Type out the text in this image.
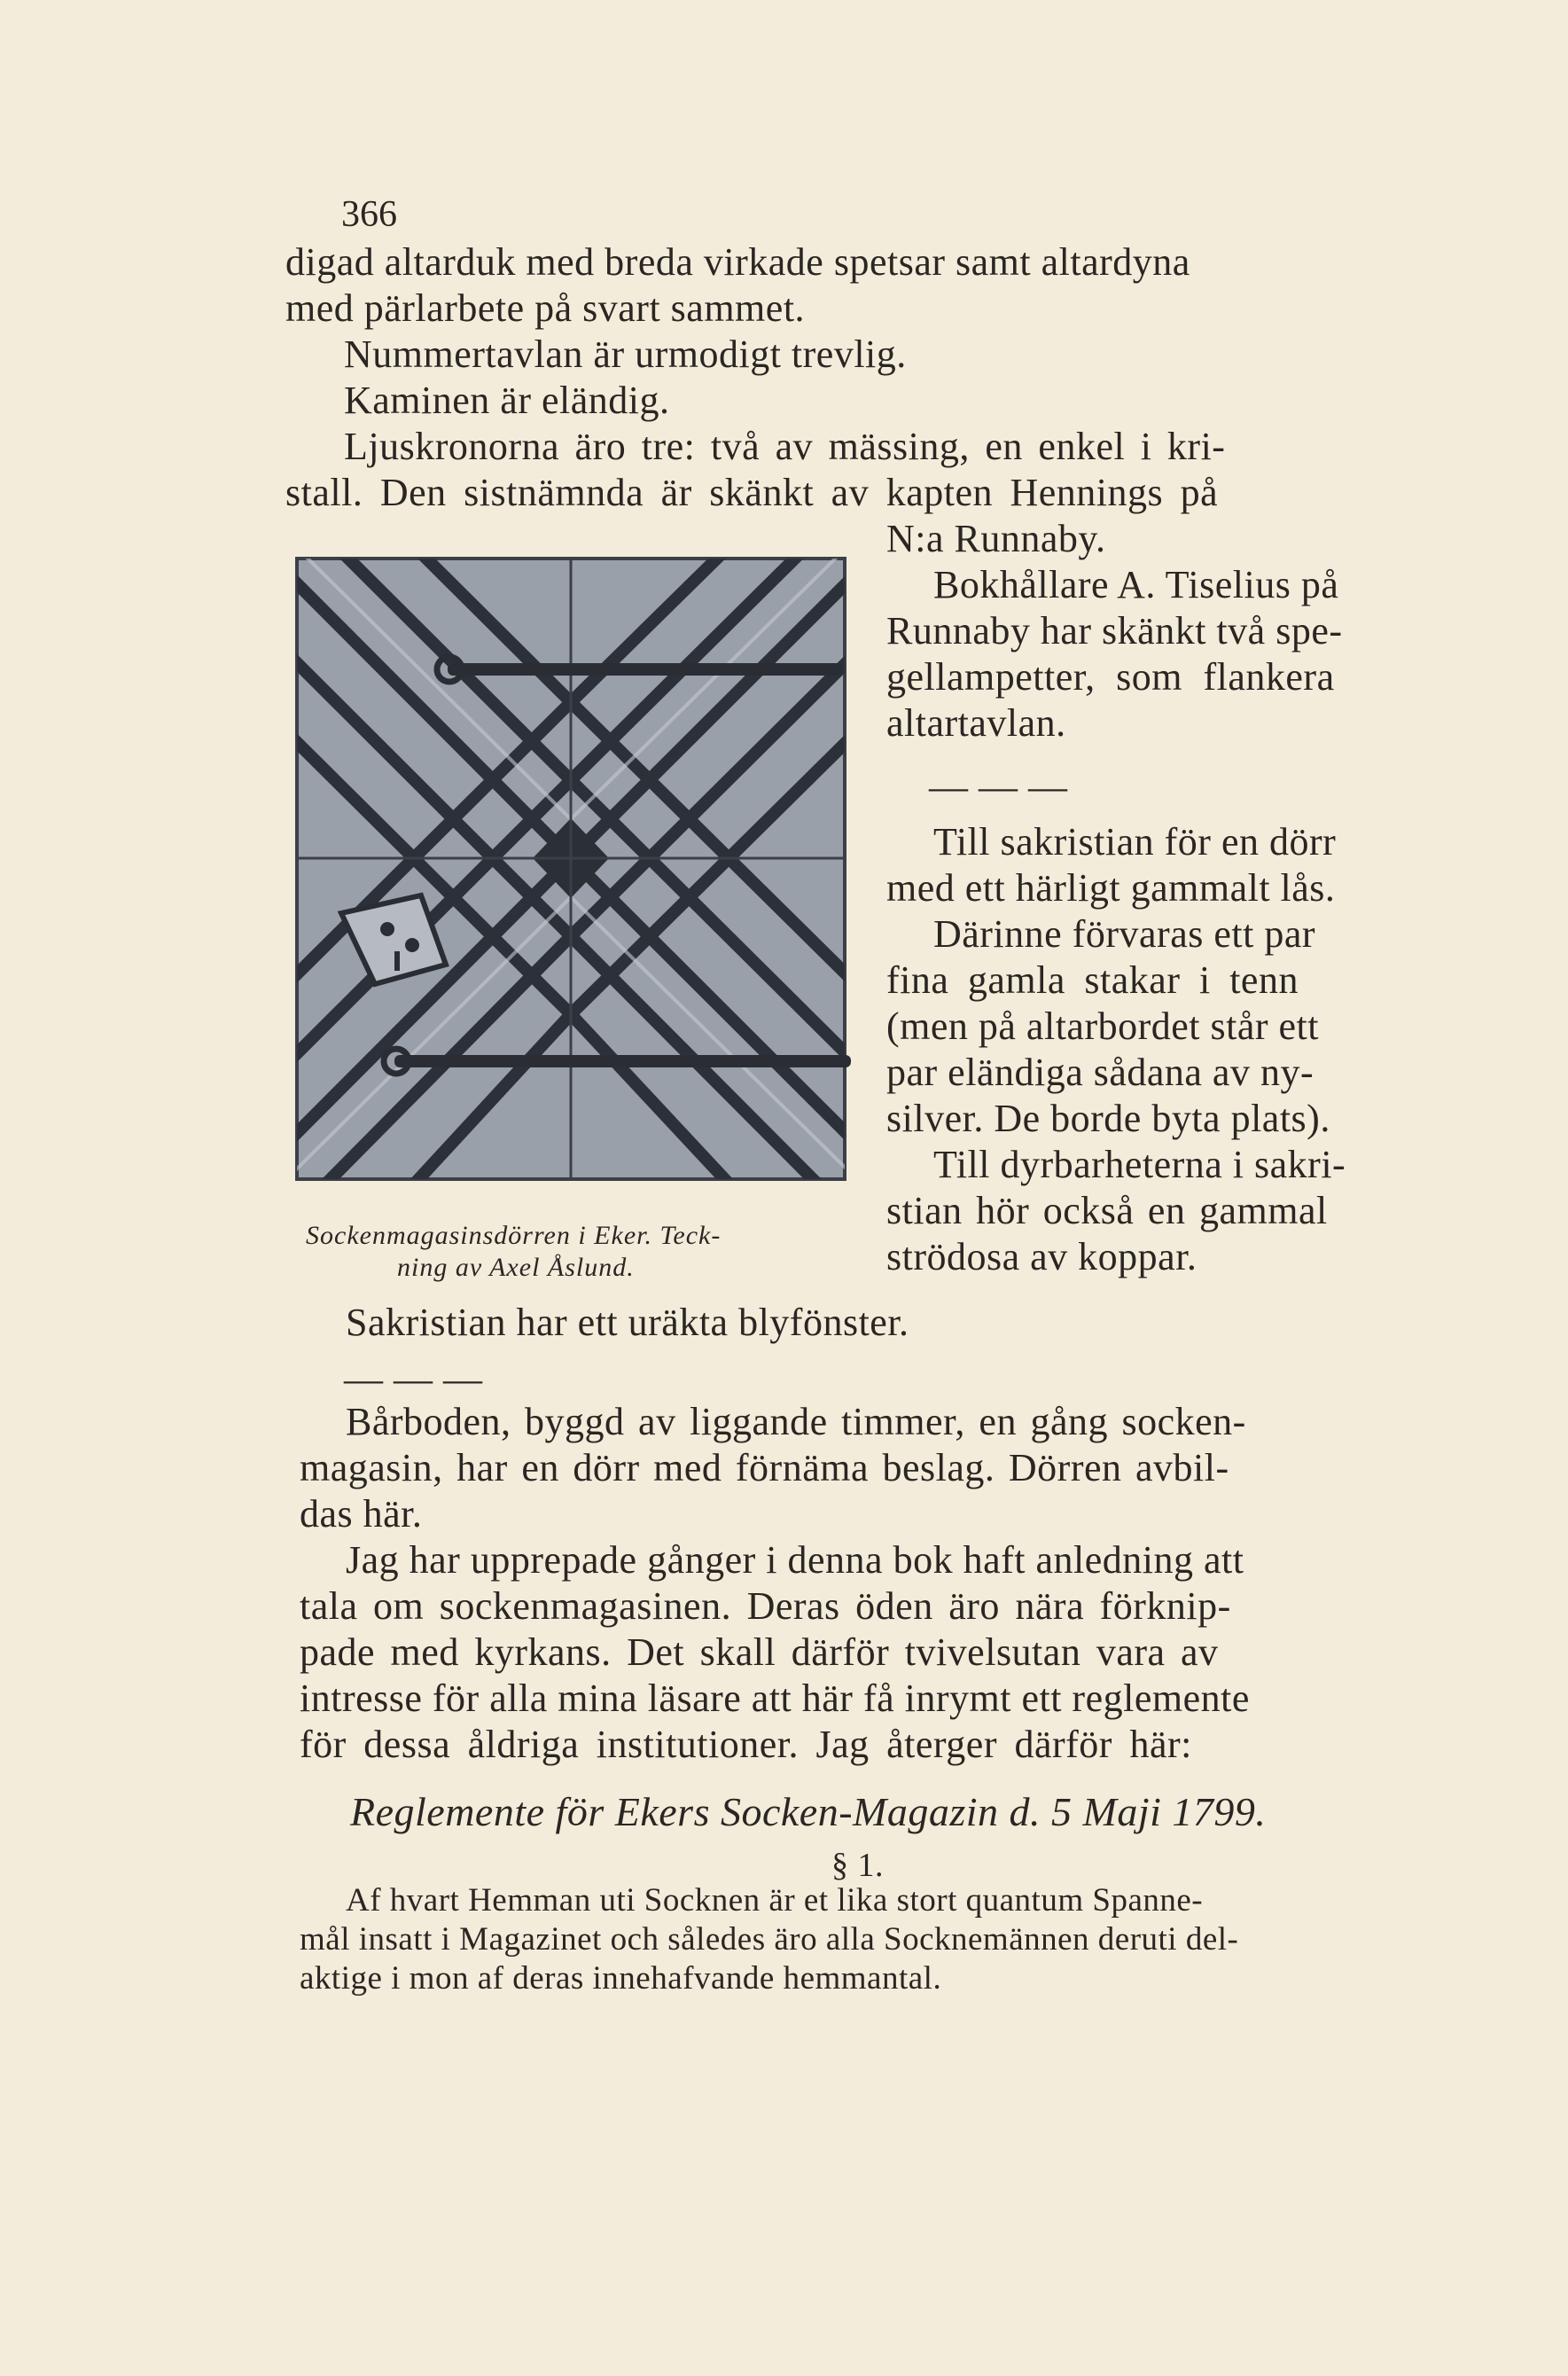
366
digad altarduk med breda virkade spetsar samt altardyna
med pärlarbete på svart sammet.
Nummertavlan är urmodigt trevlig.
Kaminen är eländig.
Ljuskronorna äro tre: två av mässing, en enkel i kri-
stall. Den sistnämnda är skänkt av kapten Hennings på
N:a Runnaby.
Bokhållare A. Tiselius på
Runnaby har skänkt två spe-
gellampetter, som flankera
altartavlan.
— — —
Till sakristian för en dörr
med ett härligt gammalt lås.
Därinne förvaras ett par
fina gamla stakar i tenn
(men på altarbordet står ett
par eländiga sådana av ny-
silver. De borde byta plats).
Till dyrbarheterna i sakri-
stian hör också en gammal
strödosa av koppar.
Sockenmagasinsdörren i Eker. Teck-
ning av Axel Åslund.
Sakristian har ett uräkta blyfönster.
— — —
Bårboden, byggd av liggande timmer, en gång socken-
magasin, har en dörr med förnäma beslag. Dörren avbil-
das här.
Jag har upprepade gånger i denna bok haft anledning att
tala om sockenmagasinen. Deras öden äro nära förknip-
pade med kyrkans. Det skall därför tvivelsutan vara av
intresse för alla mina läsare att här få inrymt ett reglemente
för dessa åldriga institutioner. Jag återger därför här:
Reglemente för Ekers Socken-Magazin d. 5 Maji 1799.
§ 1.
Af hvart Hemman uti Socknen är et lika stort quantum Spanne-
mål insatt i Magazinet och således äro alla Socknemännen deruti del-
aktige i mon af deras innehafvande hemmantal.
